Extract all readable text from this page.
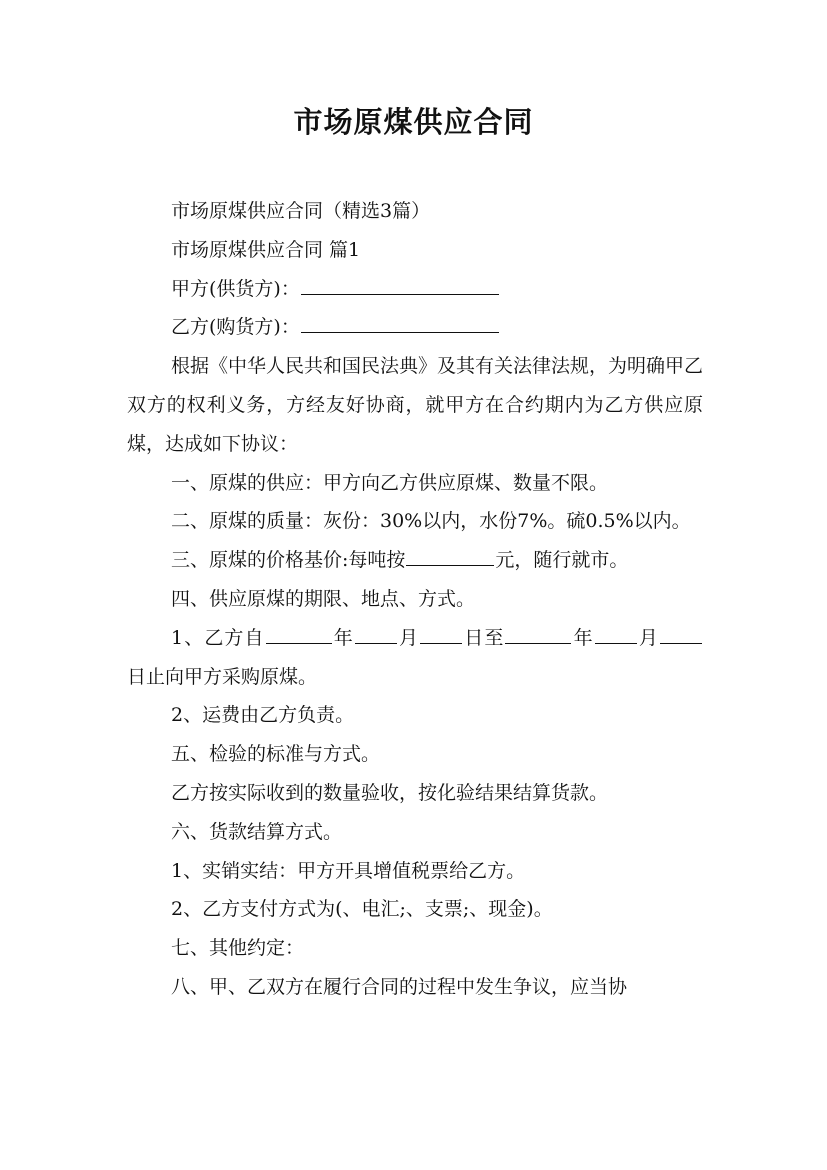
市场原煤供应合同

市场原煤供应合同（精选3篇）

市场原煤供应合同 篇1

甲方(供货方)：

乙方(购货方)：

根据《中华人民共和国民法典》及其有关法律法规，为明确甲乙双方的权利义务，方经友好协商，就甲方在合约期内为乙方供应原煤，达成如下协议：

一、原煤的供应：甲方向乙方供应原煤、数量不限。

二、原煤的质量：灰份：30%以内，水份7%。硫0.5%以内。

三、原煤的价格基价:每吨按	元，随行就市。

四、供应原煤的期限、地点、方式。

1、乙方自	年 月 日至	年 月日止向甲方采购原煤。

2、运费由乙方负责。

五、检验的标准与方式。

乙方按实际收到的数量验收，按化验结果结算货款。

六、货款结算方式。

1、实销实结：甲方开具增值税票给乙方。

2、乙方支付方式为(、电汇;、支票;、现金)。

七、其他约定：

八、甲、乙双方在履行合同的过程中发生争议，应当协
